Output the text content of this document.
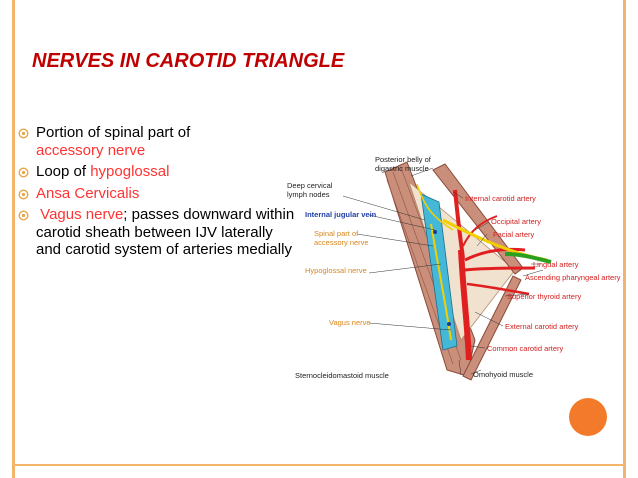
NERVES IN CAROTID TRIANGLE
Portion of spinal part of
accessory nerve
Loop of hypoglossal
Ansa Cervicalis
Vagus nerve; passes downward within carotid sheath between IJV laterally and carotid system of arteries medially
Posterior belly of
digastric muscle
Deep cervical
lymph nodes
Internal jugular vein
Spinal part of
accessory nerve
Hypoglossal nerve
Vagus nerve
Sternocleidomastoid muscle
Internal carotid artery
Occipital artery
Facial artery
Lingual artery
Ascending pharyngeal artery
Superior thyroid artery
External carotid artery
Common carotid artery
Omohyoid muscle
